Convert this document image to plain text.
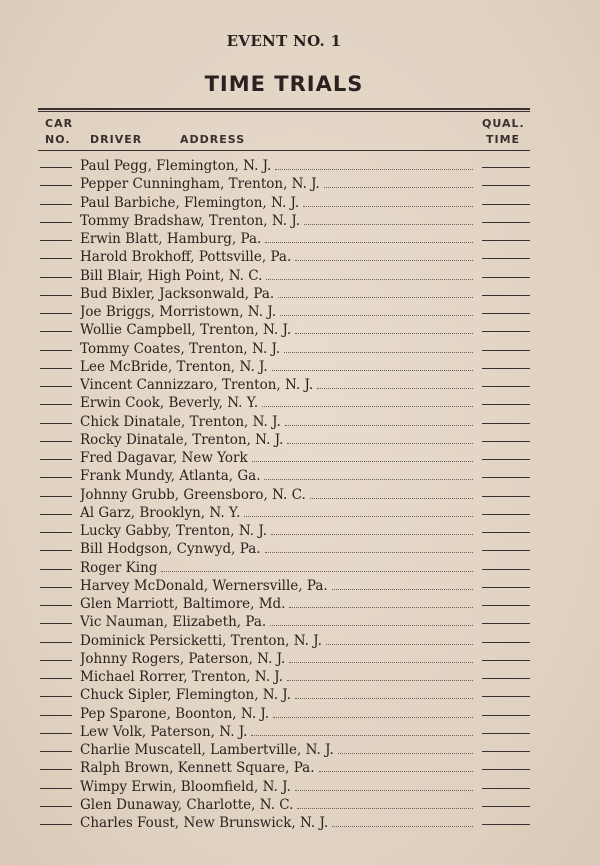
EVENT NO. 1
TIME TRIALS
CAR
NO. DRIVER	ADDRESS
QUAL.
TIME
Paul Pegg, Flemington, N. J.
Pepper Cunningham, Trenton, N. J.
Paul Barbiche, Flemington, N. J.
Tommy Bradshaw, Trenton, N. J.
Erwin Blatt, Hamburg, Pa.
Harold Brokhoff, Pottsville, Pa.
Bill Blair, High Point, N. C.
Bud Bixler, Jacksonwald, Pa.
Joe Briggs, Morristown, N. J.
Wollie Campbell, Trenton, N. J.
Tommy Coates, Trenton, N. J.
Lee McBride, Trenton, N. J.
Vincent Cannizzaro, Trenton, N. J.
Erwin Cook, Beverly, N. Y.
Chick Dinatale, Trenton, N. J.
Rocky Dinatale, Trenton, N. J.
Fred Dagavar, New York
Frank Mundy, Atlanta, Ga.
Johnny Grubb, Greensboro, N. C.
Al Garz, Brooklyn, N. Y.
Lucky Gabby, Trenton, N. J.
Bill Hodgson, Cynwyd, Pa.
Roger King
Harvey McDonald, Wernersville, Pa.
Glen Marriott, Baltimore, Md.
Vic Nauman, Elizabeth, Pa.
Dominick Persicketti, Trenton, N. J.
Johnny Rogers, Paterson, N. J.
Michael Rorrer, Trenton, N. J.
Chuck Sipler, Flemington, N. J.
Pep Sparone, Boonton, N. J.
Lew Volk, Paterson, N. J.
Charlie Muscatell, Lambertville, N. J.
Ralph Brown, Kennett Square, Pa.
Wimpy Erwin, Bloomfield, N. J.
Glen Dunaway, Charlotte, N. C.
Charles Foust, New Brunswick, N. J.
